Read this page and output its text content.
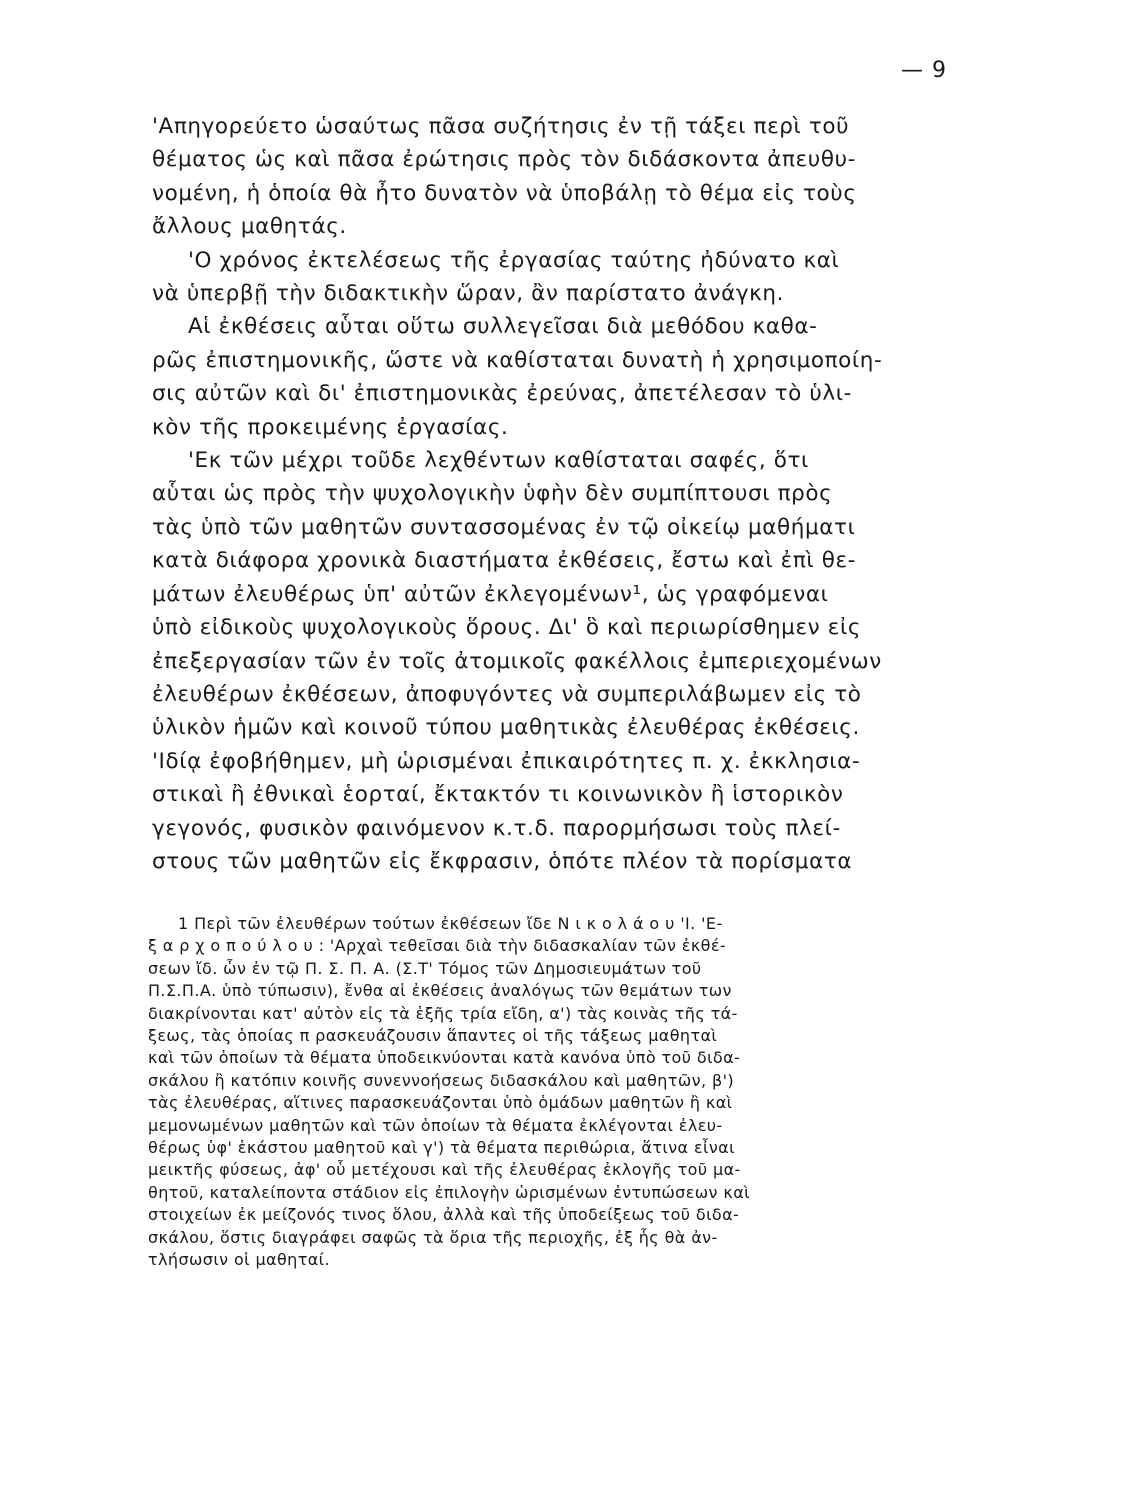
— 9
'Απηγορεύετο ὡσαύτως πᾶσα συζήτησις ἐν τῇ τάξει περὶ τοῦ
θέματος ὡς καὶ πᾶσα ἐρώτησις πρὸς τὸν διδάσκοντα ἀπευθυ-
νομένη, ἡ ὁποία θὰ ἦτο δυνατὸν νὰ ὑποβάλῃ τὸ θέμα εἰς τοὺς
ἄλλους μαθητάς.
'Ο χρόνος ἐκτελέσεως τῆς ἐργασίας ταύτης ἠδύνατο καὶ
νὰ ὑπερβῇ τὴν διδακτικὴν ὥραν, ἂν παρίστατο ἀνάγκη.
Αἱ ἐκθέσεις αὗται οὕτω συλλεγεῖσαι διὰ μεθόδου καθα-
ρῶς ἐπιστημονικῆς, ὥστε νὰ καθίσταται δυνατὴ ἡ χρησιμοποίη-
σις αὐτῶν καὶ δι' ἐπιστημονικὰς ἐρεύνας, ἀπετέλεσαν τὸ ὑλι-
κὸν τῆς προκειμένης ἐργασίας.
'Εκ τῶν μέχρι τοῦδε λεχθέντων καθίσταται σαφές, ὅτι
αὗται ὡς πρὸς τὴν ψυχολογικὴν ὑφὴν δὲν συμπίπτουσι πρὸς
τὰς ὑπὸ τῶν μαθητῶν συντασσομένας ἐν τῷ οἰκείῳ μαθήματι
κατὰ διάφορα χρονικὰ διαστήματα ἐκθέσεις, ἔστω καὶ ἐπὶ θε-
μάτων ἐλευθέρως ὑπ' αὐτῶν ἐκλεγομένων¹, ὡς γραφόμεναι
ὑπὸ εἰδικοὺς ψυχολογικοὺς ὅρους. Δι' ὃ καὶ περιωρίσθημεν εἰς
ἐπεξεργασίαν τῶν ἐν τοῖς ἀτομικοῖς φακέλλοις ἐμπεριεχομένων
ἐλευθέρων ἐκθέσεων, ἀποφυγόντες νὰ συμπεριλάβωμεν εἰς τὸ
ὑλικὸν ἡμῶν καὶ κοινοῦ τύπου μαθητικὰς ἐλευθέρας ἐκθέσεις.
'Ιδίᾳ ἐφοβήθημεν, μὴ ὡρισμέναι ἐπικαιρότητες π. χ. ἐκκλησια-
στικαὶ ἢ ἐθνικαὶ ἑορταί, ἔκτακτόν τι κοινωνικὸν ἢ ἱστορικὸν
γεγονός, φυσικὸν φαινόμενον κ.τ.δ. παρορμήσωσι τοὺς πλεί-
στους τῶν μαθητῶν εἰς ἔκφρασιν, ὁπότε πλέον τὰ πορίσματα
1 Περὶ τῶν ἐλευθέρων τούτων ἐκθέσεων ἴδε Ν ι κ ο λ ά ο υ 'Ι. 'Ε-
ξ α ρ χ ο π ο ύ λ ο υ : 'Αρχαὶ τεθεῖσαι διὰ τὴν διδασκαλίαν τῶν ἐκθέ-
σεων ἴδ. ὧν ἐν τῷ Π. Σ. Π. Α. (Σ.Τ' Τόμος τῶν Δημοσιευμάτων τοῦ
Π.Σ.Π.Α. ὑπὸ τύπωσιν), ἔνθα αἱ ἐκθέσεις ἀναλόγως τῶν θεμάτων των
διακρίνονται κατ' αὐτὸν εἰς τὰ ἑξῆς τρία εἴδη, α') τὰς κοινὰς τῆς τά-
ξεως, τὰς ὁποίας π ρασκευάζουσιν ἅπαντες οἱ τῆς τάξεως μαθηταὶ
καὶ τῶν ὁποίων τὰ θέματα ὑποδεικνύονται κατὰ κανόνα ὑπὸ τοῦ διδα-
σκάλου ἢ κατόπιν κοινῆς συνεννοήσεως διδασκάλου καὶ μαθητῶν, β')
τὰς ἐλευθέρας, αἵτινες παρασκευάζονται ὑπὸ ὁμάδων μαθητῶν ἢ καὶ
μεμονωμένων μαθητῶν καὶ τῶν ὁποίων τὰ θέματα ἐκλέγονται ἐλευ-
θέρως ὑφ' ἑκάστου μαθητοῦ καὶ γ') τὰ θέματα περιθώρια, ἅτινα εἶναι
μεικτῆς φύσεως, ἀφ' οὗ μετέχουσι καὶ τῆς ἐλευθέρας ἐκλογῆς τοῦ μα-
θητοῦ, καταλείποντα στάδιον εἰς ἐπιλογὴν ὡρισμένων ἐντυπώσεων καὶ
στοιχείων ἐκ μείζονός τινος ὅλου, ἀλλὰ καὶ τῆς ὑποδείξεως τοῦ διδα-
σκάλου, ὅστις διαγράφει σαφῶς τὰ ὅρια τῆς περιοχῆς, ἐξ ἧς θὰ ἀν-
τλήσωσιν οἱ μαθηταί.
